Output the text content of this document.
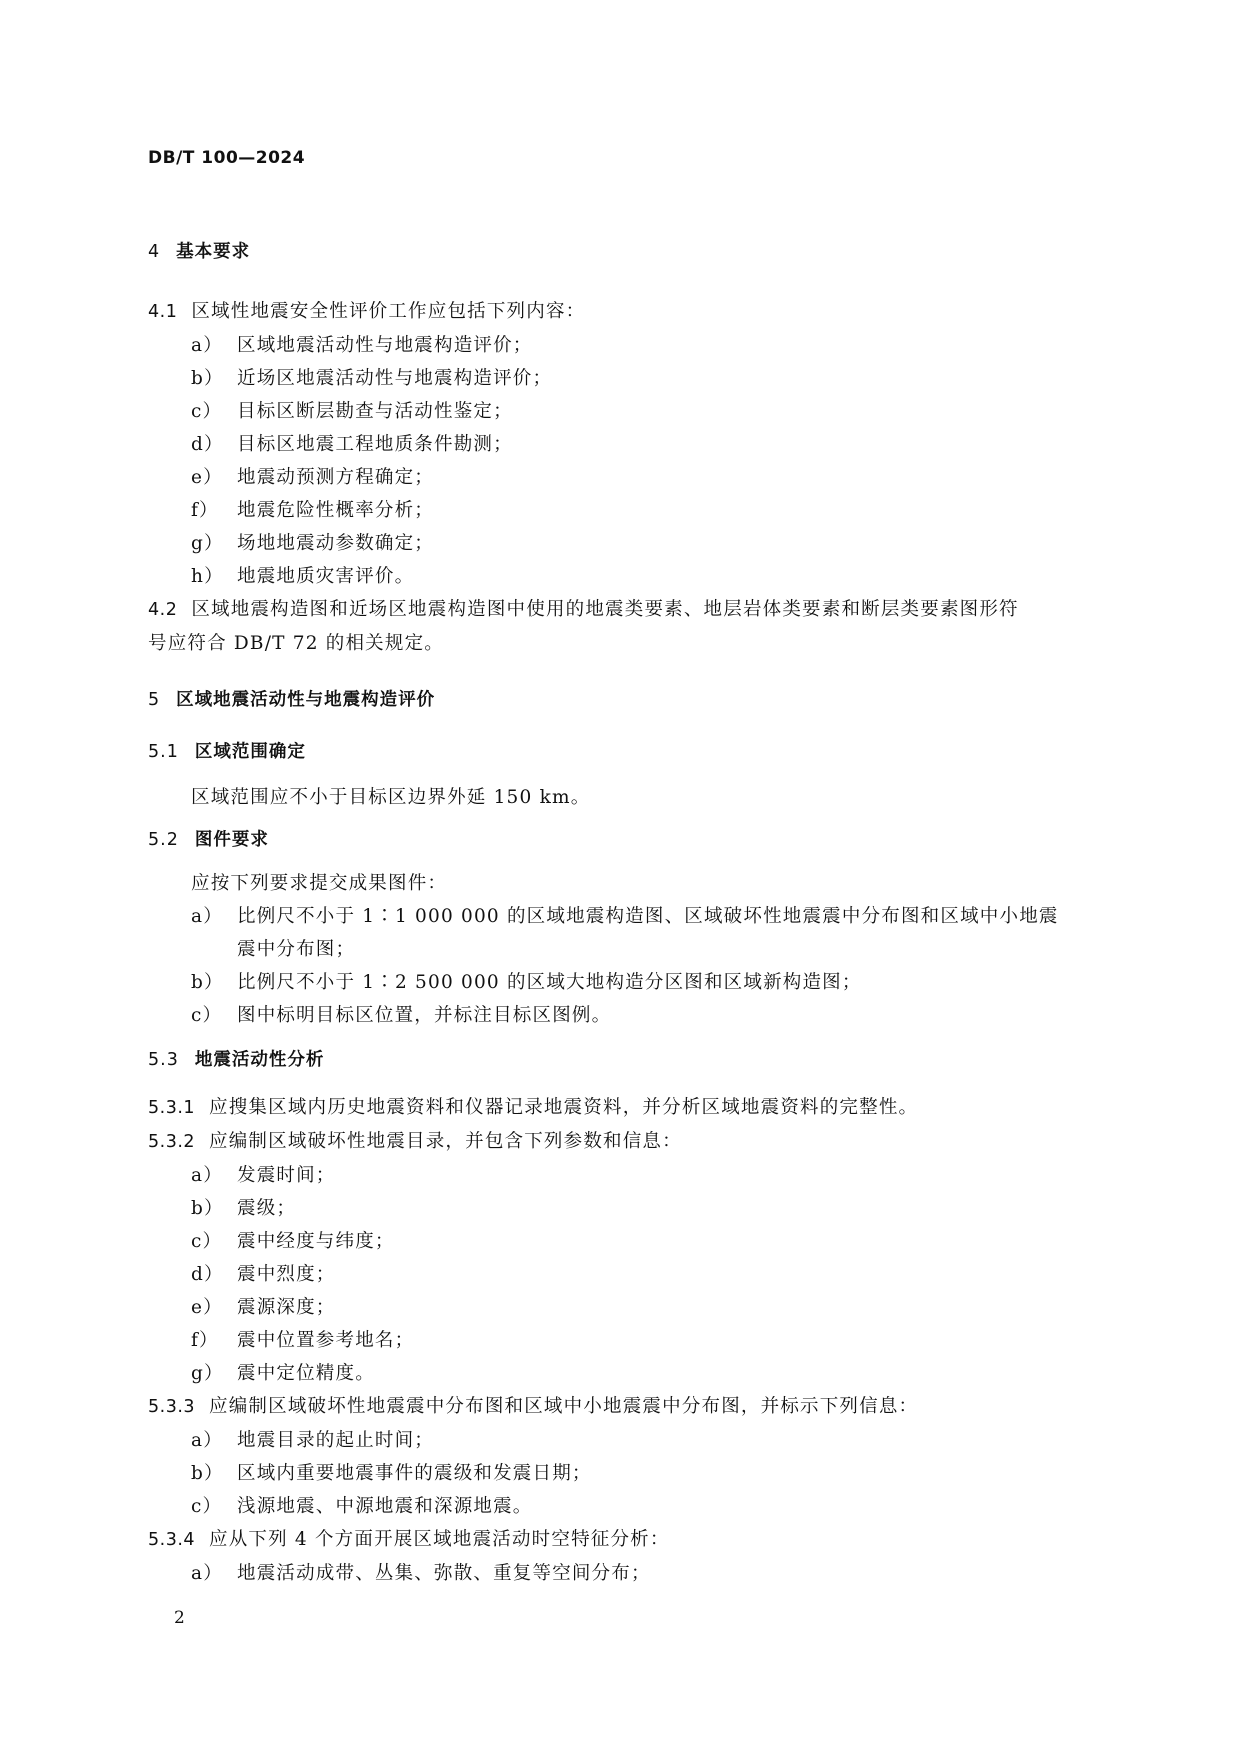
DB/T 100—2024
4 基本要求
4.1 区域性地震安全性评价工作应包括下列内容：
a） 区域地震活动性与地震构造评价；
b） 近场区地震活动性与地震构造评价；
c） 目标区断层勘查与活动性鉴定；
d） 目标区地震工程地质条件勘测；
e） 地震动预测方程确定；
f） 地震危险性概率分析；
g） 场地地震动参数确定；
h） 地震地质灾害评价。
4.2 区域地震构造图和近场区地震构造图中使用的地震类要素、地层岩体类要素和断层类要素图形符
号应符合 DB/T 72 的相关规定。
5 区域地震活动性与地震构造评价
5.1 区域范围确定
区域范围应不小于目标区边界外延 150 km。
5.2 图件要求
应按下列要求提交成果图件：
a） 比例尺不小于 1∶1 000 000 的区域地震构造图、区域破坏性地震震中分布图和区域中小地震
震中分布图；
b） 比例尺不小于 1∶2 500 000 的区域大地构造分区图和区域新构造图；
c） 图中标明目标区位置，并标注目标区图例。
5.3 地震活动性分析
5.3.1 应搜集区域内历史地震资料和仪器记录地震资料，并分析区域地震资料的完整性。
5.3.2 应编制区域破坏性地震目录，并包含下列参数和信息：
a） 发震时间；
b） 震级；
c） 震中经度与纬度；
d） 震中烈度；
e） 震源深度；
f） 震中位置参考地名；
g） 震中定位精度。
5.3.3 应编制区域破坏性地震震中分布图和区域中小地震震中分布图，并标示下列信息：
a） 地震目录的起止时间；
b） 区域内重要地震事件的震级和发震日期；
c） 浅源地震、中源地震和深源地震。
5.3.4 应从下列 4 个方面开展区域地震活动时空特征分析：
a） 地震活动成带、丛集、弥散、重复等空间分布；
2
